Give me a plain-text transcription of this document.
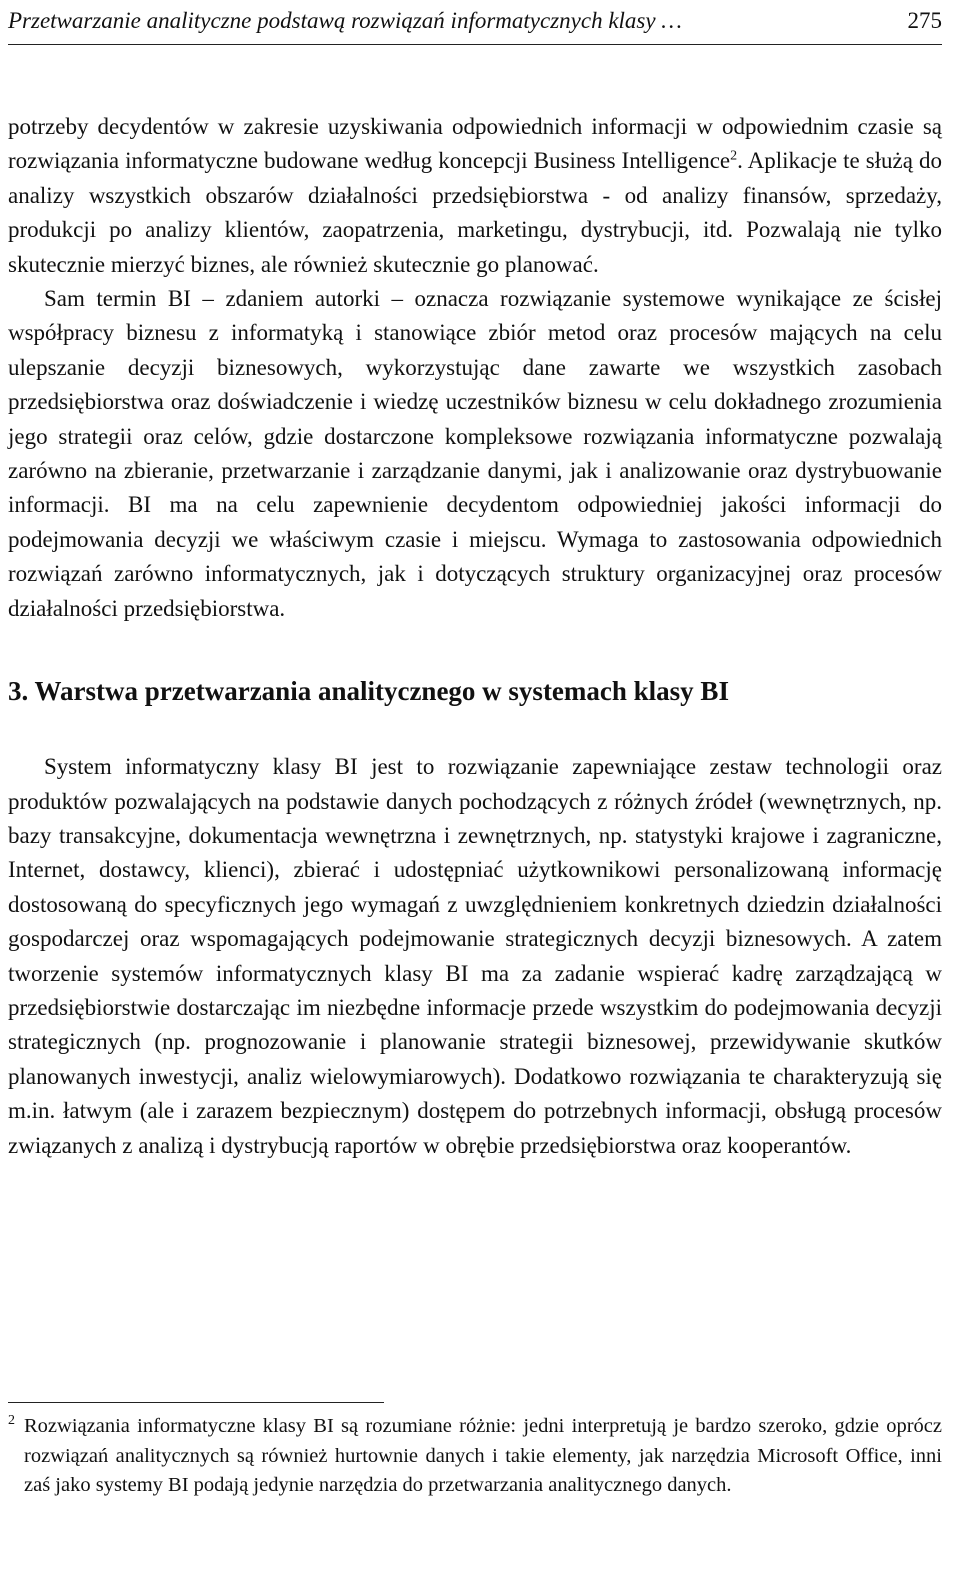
Przetwarzanie analityczne podstawą rozwiązań informatycznych klasy …	275

potrzeby decydentów w zakresie uzyskiwania odpowiednich informacji w odpowiednim czasie są rozwiązania informatyczne budowane według koncepcji Business Intelligence$^2$. Aplikacje te służą do analizy wszystkich obszarów działalności przedsiębiorstwa - od analizy finansów, sprzedaży, produkcji po analizy klientów, zaopatrzenia, marketingu, dystrybucji, itd. Pozwalają nie tylko skutecznie mierzyć biznes, ale również skutecznie go planować.

Sam termin BI – zdaniem autorki – oznacza rozwiązanie systemowe wynikające ze ścisłej współpracy biznesu z informatyką i stanowiące zbiór metod oraz procesów mających na celu ulepszanie decyzji biznesowych, wykorzystując dane zawarte we wszystkich zasobach przedsiębiorstwa oraz doświadczenie i wiedzę uczestników biznesu w celu dokładnego zrozumienia jego strategii oraz celów, gdzie dostarczone kompleksowe rozwiązania informatyczne pozwalają zarówno na zbieranie, przetwarzanie i zarządzanie danymi, jak i analizowanie oraz dystrybuowanie informacji. BI ma na celu zapewnienie decydentom odpowiedniej jakości informacji do podejmowania decyzji we właściwym czasie i miejscu. Wymaga to zastosowania odpowiednich rozwiązań zarówno informatycznych, jak i dotyczących struktury organizacyjnej oraz procesów działalności przedsiębiorstwa.

3. Warstwa przetwarzania analitycznego w systemach klasy BI

System informatyczny klasy BI jest to rozwiązanie zapewniające zestaw technologii oraz produktów pozwalających na podstawie danych pochodzących z różnych źródeł (wewnętrznych, np. bazy transakcyjne, dokumentacja wewnętrzna i zewnętrznych, np. statystyki krajowe i zagraniczne, Internet, dostawcy, klienci), zbierać i udostępniać użytkownikowi personalizowaną informację dostosowaną do specyficznych jego wymagań z uwzględnieniem konkretnych dziedzin działalności gospodarczej oraz wspomagających podejmowanie strategicznych decyzji biznesowych. A zatem tworzenie systemów informatycznych klasy BI ma za zadanie wspierać kadrę zarządzającą w przedsiębiorstwie dostarczając im niezbędne informacje przede wszystkim do podejmowania decyzji strategicznych (np. prognozowanie i planowanie strategii biznesowej, przewidywanie skutków planowanych inwestycji, analiz wielowymiarowych). Dodatkowo rozwiązania te charakteryzują się m.in. łatwym (ale i zarazem bezpiecznym) dostępem do potrzebnych informacji, obsługą procesów związanych z analizą i dystrybucją raportów w obrębie przedsiębiorstwa oraz kooperantów.

2 Rozwiązania informatyczne klasy BI są rozumiane różnie: jedni interpretują je bardzo szeroko, gdzie oprócz rozwiązań analitycznych są również hurtownie danych i takie elementy, jak narzędzia Microsoft Office, inni zaś jako systemy BI podają jedynie narzędzia do przetwarzania analitycznego danych.
